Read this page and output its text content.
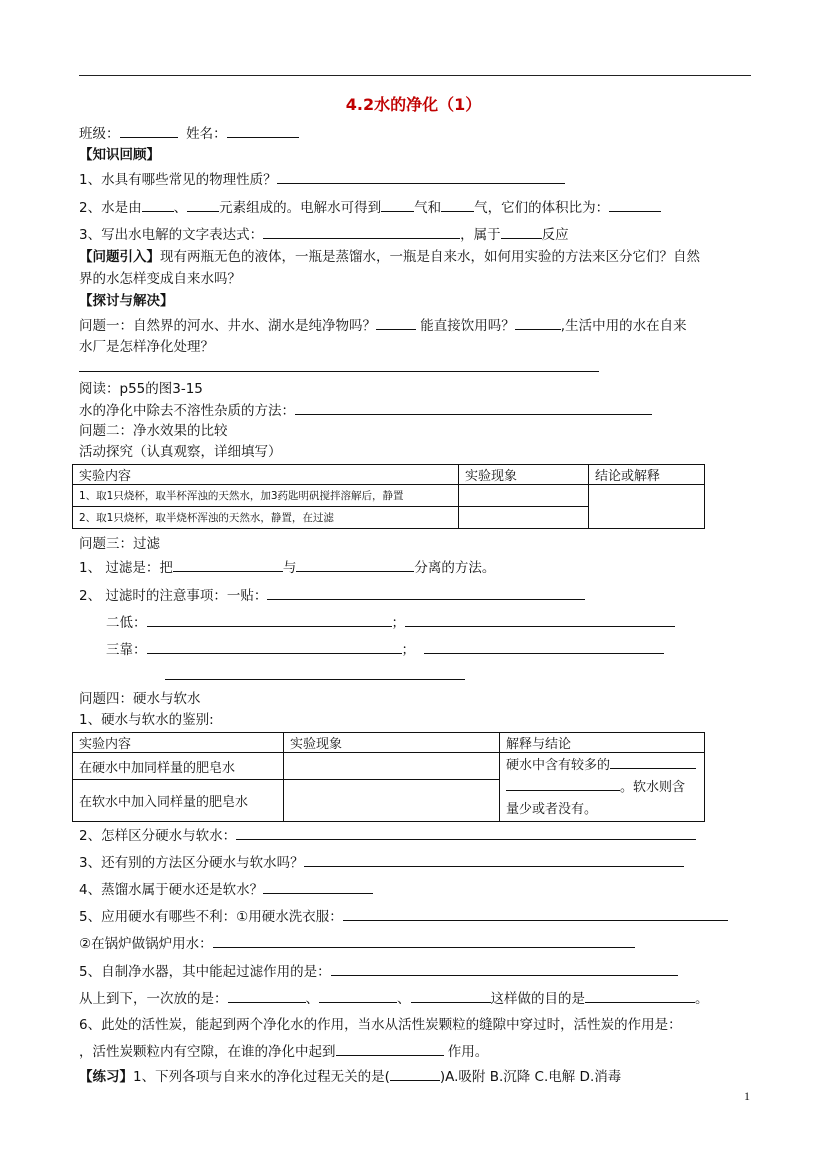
4.2水的净化（1）
班级：	姓名：
【知识回顾】
1、水具有哪些常见的物理性质？
2、水是由 、 元素组成的。电解水可得到 气和 气，它们的体积比为：
3、写出水电解的文字表达式：	，属于	反应
【问题引入】现有两瓶无色的液体，一瓶是蒸馏水，一瓶是自来水，如何用实验的方法来区分它们？自然
界的水怎样变成自来水吗？
【探讨与解决】
问题一：自然界的河水、井水、湖水是纯净物吗？	能直接饮用吗？	,生活中用的水在自来
水厂是怎样净化处理？
阅读：p55的图3-15
水的净化中除去不溶性杂质的方法：
问题二：净水效果的比较
活动探究（认真观察，详细填写）
实验内容	实验现象	结论或解释
1、取1只烧杯，取半杯浑浊的天然水，加3药匙明矾搅拌溶解后，静置		
2、取1只烧杯，取半烧杯浑浊的天然水，静置，在过滤		
问题三：过滤
1、 过滤是：把	与	分离的方法。
2、 过滤时的注意事项：一贴：
二低：	；
三靠：	；
问题四：硬水与软水
1、硬水与软水的鉴别:
实验内容	实验现象	解释与结论
在硬水中加同样量的肥皂水		硬水中含有较多的
。软水则含
量少或者没有。
在软水中加入同样量的肥皂水		
2、怎样区分硬水与软水：
3、还有别的方法区分硬水与软水吗？
4、蒸馏水属于硬水还是软水？
5、应用硬水有哪些不利：①用硬水洗衣服：
②在锅炉做锅炉用水：
5、自制净水器，其中能起过滤作用的是：
从上到下，一次放的是：	、	、	这样做的目的是	。
6、此处的活性炭，能起到两个净化水的作用，当水从活性炭颗粒的缝隙中穿过时，活性炭的作用是：
，活性炭颗粒内有空隙，在谁的净化中起到	作用。
【练习】1、下列各项与自来水的净化过程无关的是(	)A.吸附 B.沉降 C.电解 D.消毒
1
